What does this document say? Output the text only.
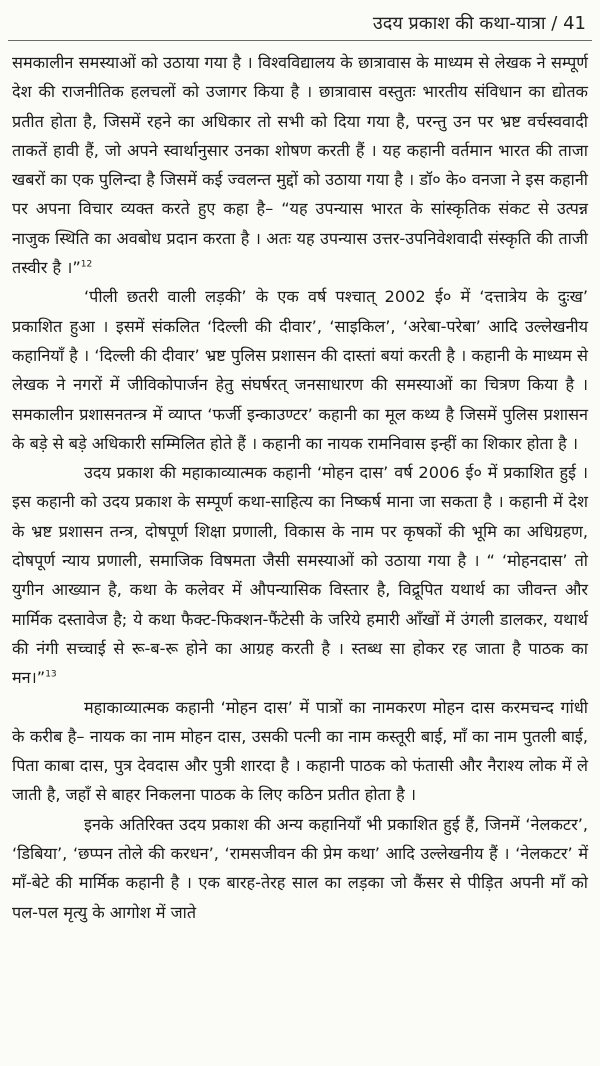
उदय प्रकाश की कथा-यात्रा / 41

समकालीन समस्याओं को उठाया गया है । विश्वविद्यालय के छात्रावास के माध्यम से लेखक ने सम्पूर्ण देश की राजनीतिक हलचलों को उजागर किया है । छात्रावास वस्तुतः भारतीय संविधान का द्योतक प्रतीत होता है, जिसमें रहने का अधिकार तो सभी को दिया गया है, परन्तु उन पर भ्रष्ट वर्चस्ववादी ताकतें हावी हैं, जो अपने स्वार्थानुसार उनका शोषण करती हैं । यह कहानी वर्तमान भारत की ताजा खबरों का एक पुलिन्दा है जिसमें कई ज्वलन्त मुद्दों को उठाया गया है । डॉ० के० वनजा ने इस कहानी पर अपना विचार व्यक्त करते हुए कहा है– “यह उपन्यास भारत के सांस्कृतिक संकट से उत्पन्न नाजुक स्थिति का अवबोध प्रदान करता है । अतः यह उपन्यास उत्तर-उपनिवेशवादी संस्कृति की ताजी तस्वीर है ।”$^{12}$

‘पीली छतरी वाली लड़की’ के एक वर्ष पश्चात् 2002 ई० में ‘दत्तात्रेय के दुःख’ प्रकाशित हुआ । इसमें संकलित ‘दिल्ली की दीवार’, ‘साइकिल’, ‘अरेबा-परेबा’ आदि उल्लेखनीय कहानियाँ है । ‘दिल्ली की दीवार’ भ्रष्ट पुलिस प्रशासन की दास्तां बयां करती है । कहानी के माध्यम से लेखक ने नगरों में जीविकोपार्जन हेतु संघर्षरत् जनसाधारण की समस्याओं का चित्रण किया है । समकालीन प्रशासनतन्त्र में व्याप्त ‘फर्जी इन्काउण्टर’ कहानी का मूल कथ्य है जिसमें पुलिस प्रशासन के बड़े से बड़े अधिकारी सम्मिलित होते हैं । कहानी का नायक रामनिवास इन्हीं का शिकार होता है ।

उदय प्रकाश की महाकाव्यात्मक कहानी ‘मोहन दास’ वर्ष 2006 ई० में प्रकाशित हुई । इस कहानी को उदय प्रकाश के सम्पूर्ण कथा-साहित्य का निष्कर्ष माना जा सकता है । कहानी में देश के भ्रष्ट प्रशासन तन्त्र, दोषपूर्ण शिक्षा प्रणाली, विकास के नाम पर कृषकों की भूमि का अधिग्रहण, दोषपूर्ण न्याय प्रणाली, समाजिक विषमता जैसी समस्याओं को उठाया गया है । “ ‘मोहनदास’ तो युगीन आख्यान है, कथा के कलेवर में औपन्यासिक विस्तार है, विद्रूपित यथार्थ का जीवन्त और मार्मिक दस्तावेज है; ये कथा फैक्ट-फिक्शन-फैंटेसी के जरिये हमारी आँखों में उंगली डालकर, यथार्थ की नंगी सच्चाई से रू-ब-रू होने का आग्रह करती है । स्तब्ध सा होकर रह जाता है पाठक का मन।”$^{13}$

महाकाव्यात्मक कहानी ‘मोहन दास’ में पात्रों का नामकरण मोहन दास करमचन्द गांधी के करीब है– नायक का नाम मोहन दास, उसकी पत्नी का नाम कस्तूरी बाई, माँ का नाम पुतली बाई, पिता काबा दास, पुत्र देवदास और पुत्री शारदा है । कहानी पाठक को फंतासी और नैराश्य लोक में ले जाती है, जहाँ से बाहर निकलना पाठक के लिए कठिन प्रतीत होता है ।

इनके अतिरिक्त उदय प्रकाश की अन्य कहानियाँ भी प्रकाशित हुई हैं, जिनमें ‘नेलकटर’, ‘डिबिया’, ‘छप्पन तोले की करधन’, ‘रामसजीवन की प्रेम कथा’ आदि उल्लेखनीय हैं । ‘नेलकटर’ में माँ-बेटे की मार्मिक कहानी है । एक बारह-तेरह साल का लड़का जो कैंसर से पीड़ित अपनी माँ को पल-पल मृत्यु के आगोश में जाते
